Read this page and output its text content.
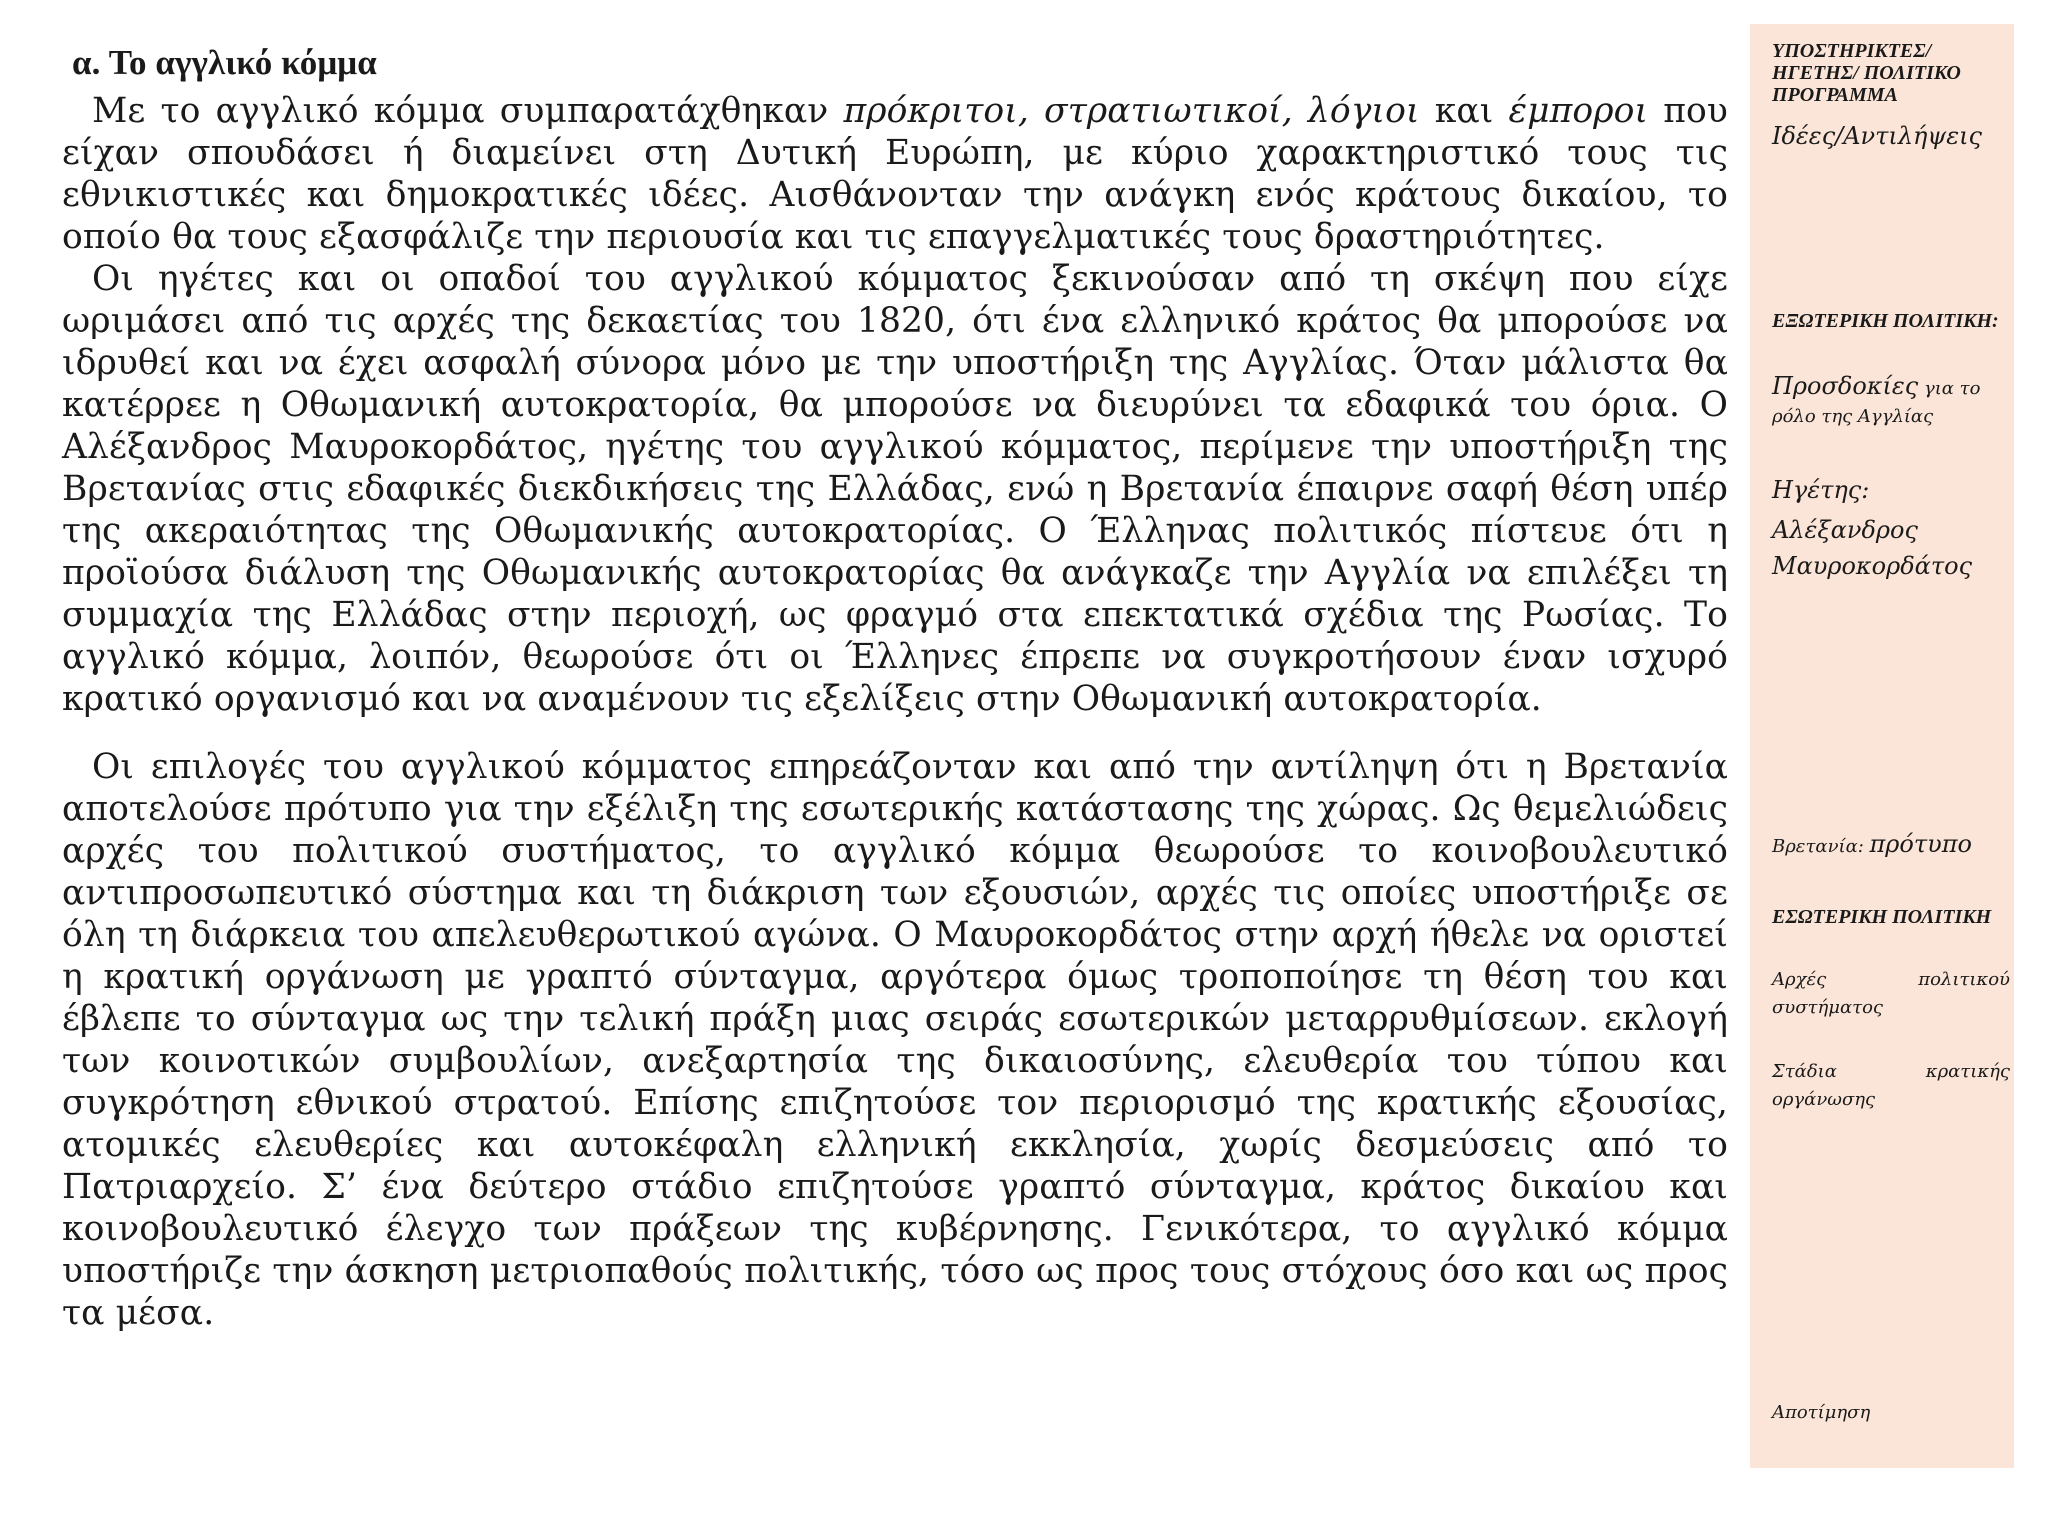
α. Το αγγλικό κόμμα

Με το αγγλικό κόμμα συμπαρατάχθηκαν πρόκριτοι, στρατιωτικοί, λόγιοι και έμποροι που είχαν σπουδάσει ή διαμείνει στη Δυτική Ευρώπη, με κύριο χαρακτηριστικό τους τις εθνικιστικές και δημοκρατικές ιδέες. Αισθάνονταν την ανάγκη ενός κράτους δικαίου, το οποίο θα τους εξασφάλιζε την περιουσία και τις επαγγελματικές τους δραστηριότητες.

Οι ηγέτες και οι οπαδοί του αγγλικού κόμματος ξεκινούσαν από τη σκέψη που είχε ωριμάσει από τις αρχές της δεκαετίας του 1820, ότι ένα ελληνικό κράτος θα μπορούσε να ιδρυθεί και να έχει ασφαλή σύνορα μόνο με την υποστήριξη της Αγγλίας. Όταν μάλιστα θα κατέρρεε η Οθωμανική αυτοκρατορία, θα μπορούσε να διευρύνει τα εδαφικά του όρια. Ο Αλέξανδρος Μαυροκορδάτος, ηγέτης του αγγλικού κόμματος, περίμενε την υποστήριξη της Βρετανίας στις εδαφικές διεκδικήσεις της Ελλάδας, ενώ η Βρετανία έπαιρνε σαφή θέση υπέρ της ακεραιότητας της Οθωμανικής αυτοκρατορίας. Ο Έλληνας πολιτικός πίστευε ότι η προϊούσα διάλυση της Οθωμανικής αυτοκρατορίας θα ανάγκαζε την Αγγλία να επιλέξει τη συμμαχία της Ελλάδας στην περιοχή, ως φραγμό στα επεκτατικά σχέδια της Ρωσίας. Το αγγλικό κόμμα, λοιπόν, θεωρούσε ότι οι Έλληνες έπρεπε να συγκροτήσουν έναν ισχυρό κρατικό οργανισμό και να αναμένουν τις εξελίξεις στην Οθωμανική αυτοκρατορία.

Οι επιλογές του αγγλικού κόμματος επηρεάζονταν και από την αντίληψη ότι η Βρετανία αποτελούσε πρότυπο για την εξέλιξη της εσωτερικής κατάστασης της χώρας. Ως θεμελιώδεις αρχές του πολιτικού συστήματος, το αγγλικό κόμμα θεωρούσε το κοινοβουλευτικό αντιπροσωπευτικό σύστημα και τη διάκριση των εξουσιών, αρχές τις οποίες υποστήριξε σε όλη τη διάρκεια του απελευθερωτικού αγώνα. Ο Μαυροκορδάτος στην αρχή ήθελε να οριστεί η κρατική οργάνωση με γραπτό σύνταγμα, αργότερα όμως τροποποίησε τη θέση του και έβλεπε το σύνταγμα ως την τελική πράξη μιας σειράς εσωτερικών μεταρρυθμίσεων. εκλογή των κοινοτικών συμβουλίων, ανεξαρτησία της δικαιοσύνης, ελευθερία του τύπου και συγκρότηση εθνικού στρατού. Επίσης επιζητούσε τον περιορισμό της κρατικής εξουσίας, ατομικές ελευθερίες και αυτοκέφαλη ελληνική εκκλησία, χωρίς δεσμεύσεις από το Πατριαρχείο. Σ’ ένα δεύτερο στάδιο επιζητούσε γραπτό σύνταγμα, κράτος δικαίου και κοινοβουλευτικό έλεγχο των πράξεων της κυβέρνησης. Γενικότερα, το αγγλικό κόμμα υποστήριζε την άσκηση μετριοπαθούς πολιτικής, τόσο ως προς τους στόχους όσο και ως προς τα μέσα.

ΥΠΟΣΤΗΡΙΚΤΕΣ/ ΗΓΕΤΗΣ/ ΠΟΛΙΤΙΚΟ ΠΡΟΓΡΑΜΜΑ
Ιδέες/Αντιλήψεις
ΕΞΩΤΕΡΙΚΗ ΠΟΛΙΤΙΚΗ:
Προσδοκίες για το ρόλο της Αγγλίας
Ηγέτης:
Αλέξανδρος Μαυροκορδάτος
Βρετανία: πρότυπο
ΕΣΩΤΕΡΙΚΗ ΠΟΛΙΤΙΚΗ
Αρχές πολιτικού συστήματος
Στάδια κρατικής οργάνωσης
Αποτίμηση
